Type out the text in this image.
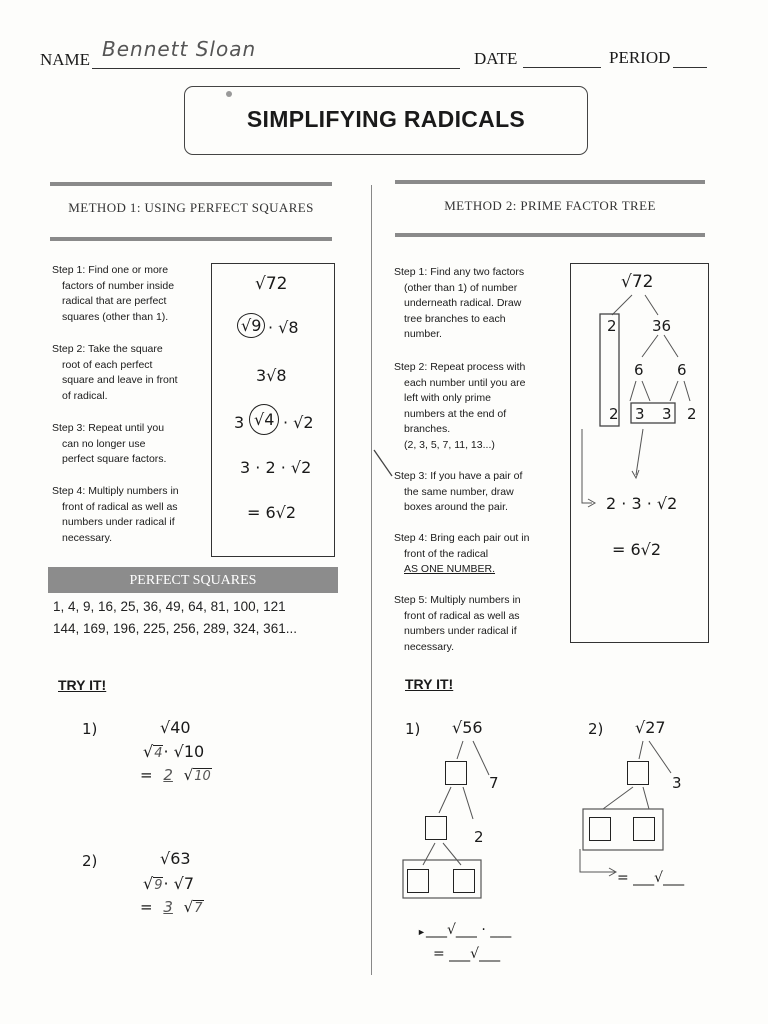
NAME Bennett Sloan	DATE	PERIOD
SIMPLIFYING RADICALS
METHOD 1: USING PERFECT SQUARES
Step 1: Find one or more
factors of number inside
radical that are perfect
squares (other than 1).
Step 2: Take the square
root of each perfect
square and leave in front
of radical.
Step 3: Repeat until you
can no longer use
perfect square factors.
Step 4: Multiply numbers in
front of radical as well as
numbers under radical if
necessary.
√72
√9 · √8
3√8
3 √4 · √2
3 · 2 · √2
= 6√2
PERFECT SQUARES
1, 4, 9, 16, 25, 36, 49, 64, 81, 100, 121
144, 169, 196, 225, 256, 289, 324, 361...
METHOD 2: PRIME FACTOR TREE
Step 1: Find any two factors
(other than 1) of number
underneath radical. Draw
tree branches to each
number.
Step 2: Repeat process with
each number until you are
left with only prime
numbers at the end of
branches.
(2, 3, 5, 7, 11, 13...)
Step 3: If you have a pair of
the same number, draw
boxes around the pair.
Step 4: Bring each pair out in
front of the radical
AS ONE NUMBER.
Step 5: Multiply numbers in
front of radical as well as
numbers under radical if
necessary.
√72
2 36
6 6
2 3 3 2
2 · 3 · √2
= 6√2
TRY IT!
1)	√40
√4· √10
= 2 √10
2)	√63
√9· √7
= 3 √7
TRY IT!
1) √56
7
2
► ___√___ · ___
= ___√___
2) √27
3
= ___√___
